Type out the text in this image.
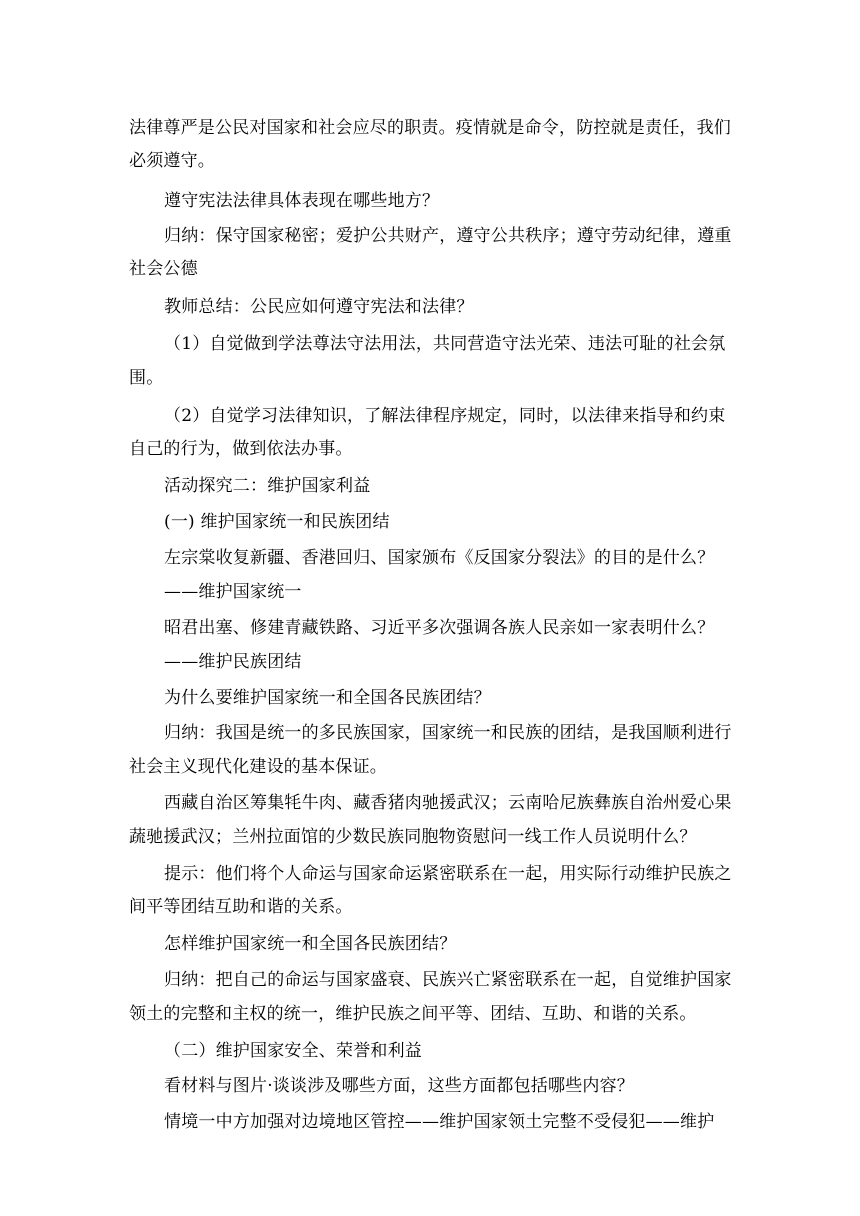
法律尊严是公民对国家和社会应尽的职责。疫情就是命令，防控就是责任，我们
必须遵守。
遵守宪法法律具体表现在哪些地方？
归纳：保守国家秘密；爱护公共财产，遵守公共秩序；遵守劳动纪律，遵重
社会公德
教师总结：公民应如何遵守宪法和法律？
（1）自觉做到学法尊法守法用法，共同营造守法光荣、违法可耻的社会氛
围。
（2）自觉学习法律知识，了解法律程序规定，同时，以法律来指导和约束
自己的行为，做到依法办事。
活动探究二：维护国家利益
(一) 维护国家统一和民族团结
左宗棠收复新疆、香港回归、国家颁布《反国家分裂法》的目的是什么？
——维护国家统一
昭君出塞、修建青藏铁路、习近平多次强调各族人民亲如一家表明什么？
——维护民族团结
为什么要维护国家统一和全国各民族团结？
归纳：我国是统一的多民族国家，国家统一和民族的团结，是我国顺利进行
社会主义现代化建设的基本保证。
西藏自治区筹集牦牛肉、藏香猪肉驰援武汉；云南哈尼族彝族自治州爱心果
蔬驰援武汉；兰州拉面馆的少数民族同胞物资慰问一线工作人员说明什么？
提示：他们将个人命运与国家命运紧密联系在一起，用实际行动维护民族之
间平等团结互助和谐的关系。
怎样维护国家统一和全国各民族团结？
归纳：把自己的命运与国家盛衰、民族兴亡紧密联系在一起，自觉维护国家
领土的完整和主权的统一，维护民族之间平等、团结、互助、和谐的关系。
（二）维护国家安全、荣誉和利益
看材料与图片·谈谈涉及哪些方面，这些方面都包括哪些内容？
情境一中方加强对边境地区管控——维护国家领土完整不受侵犯——维护
